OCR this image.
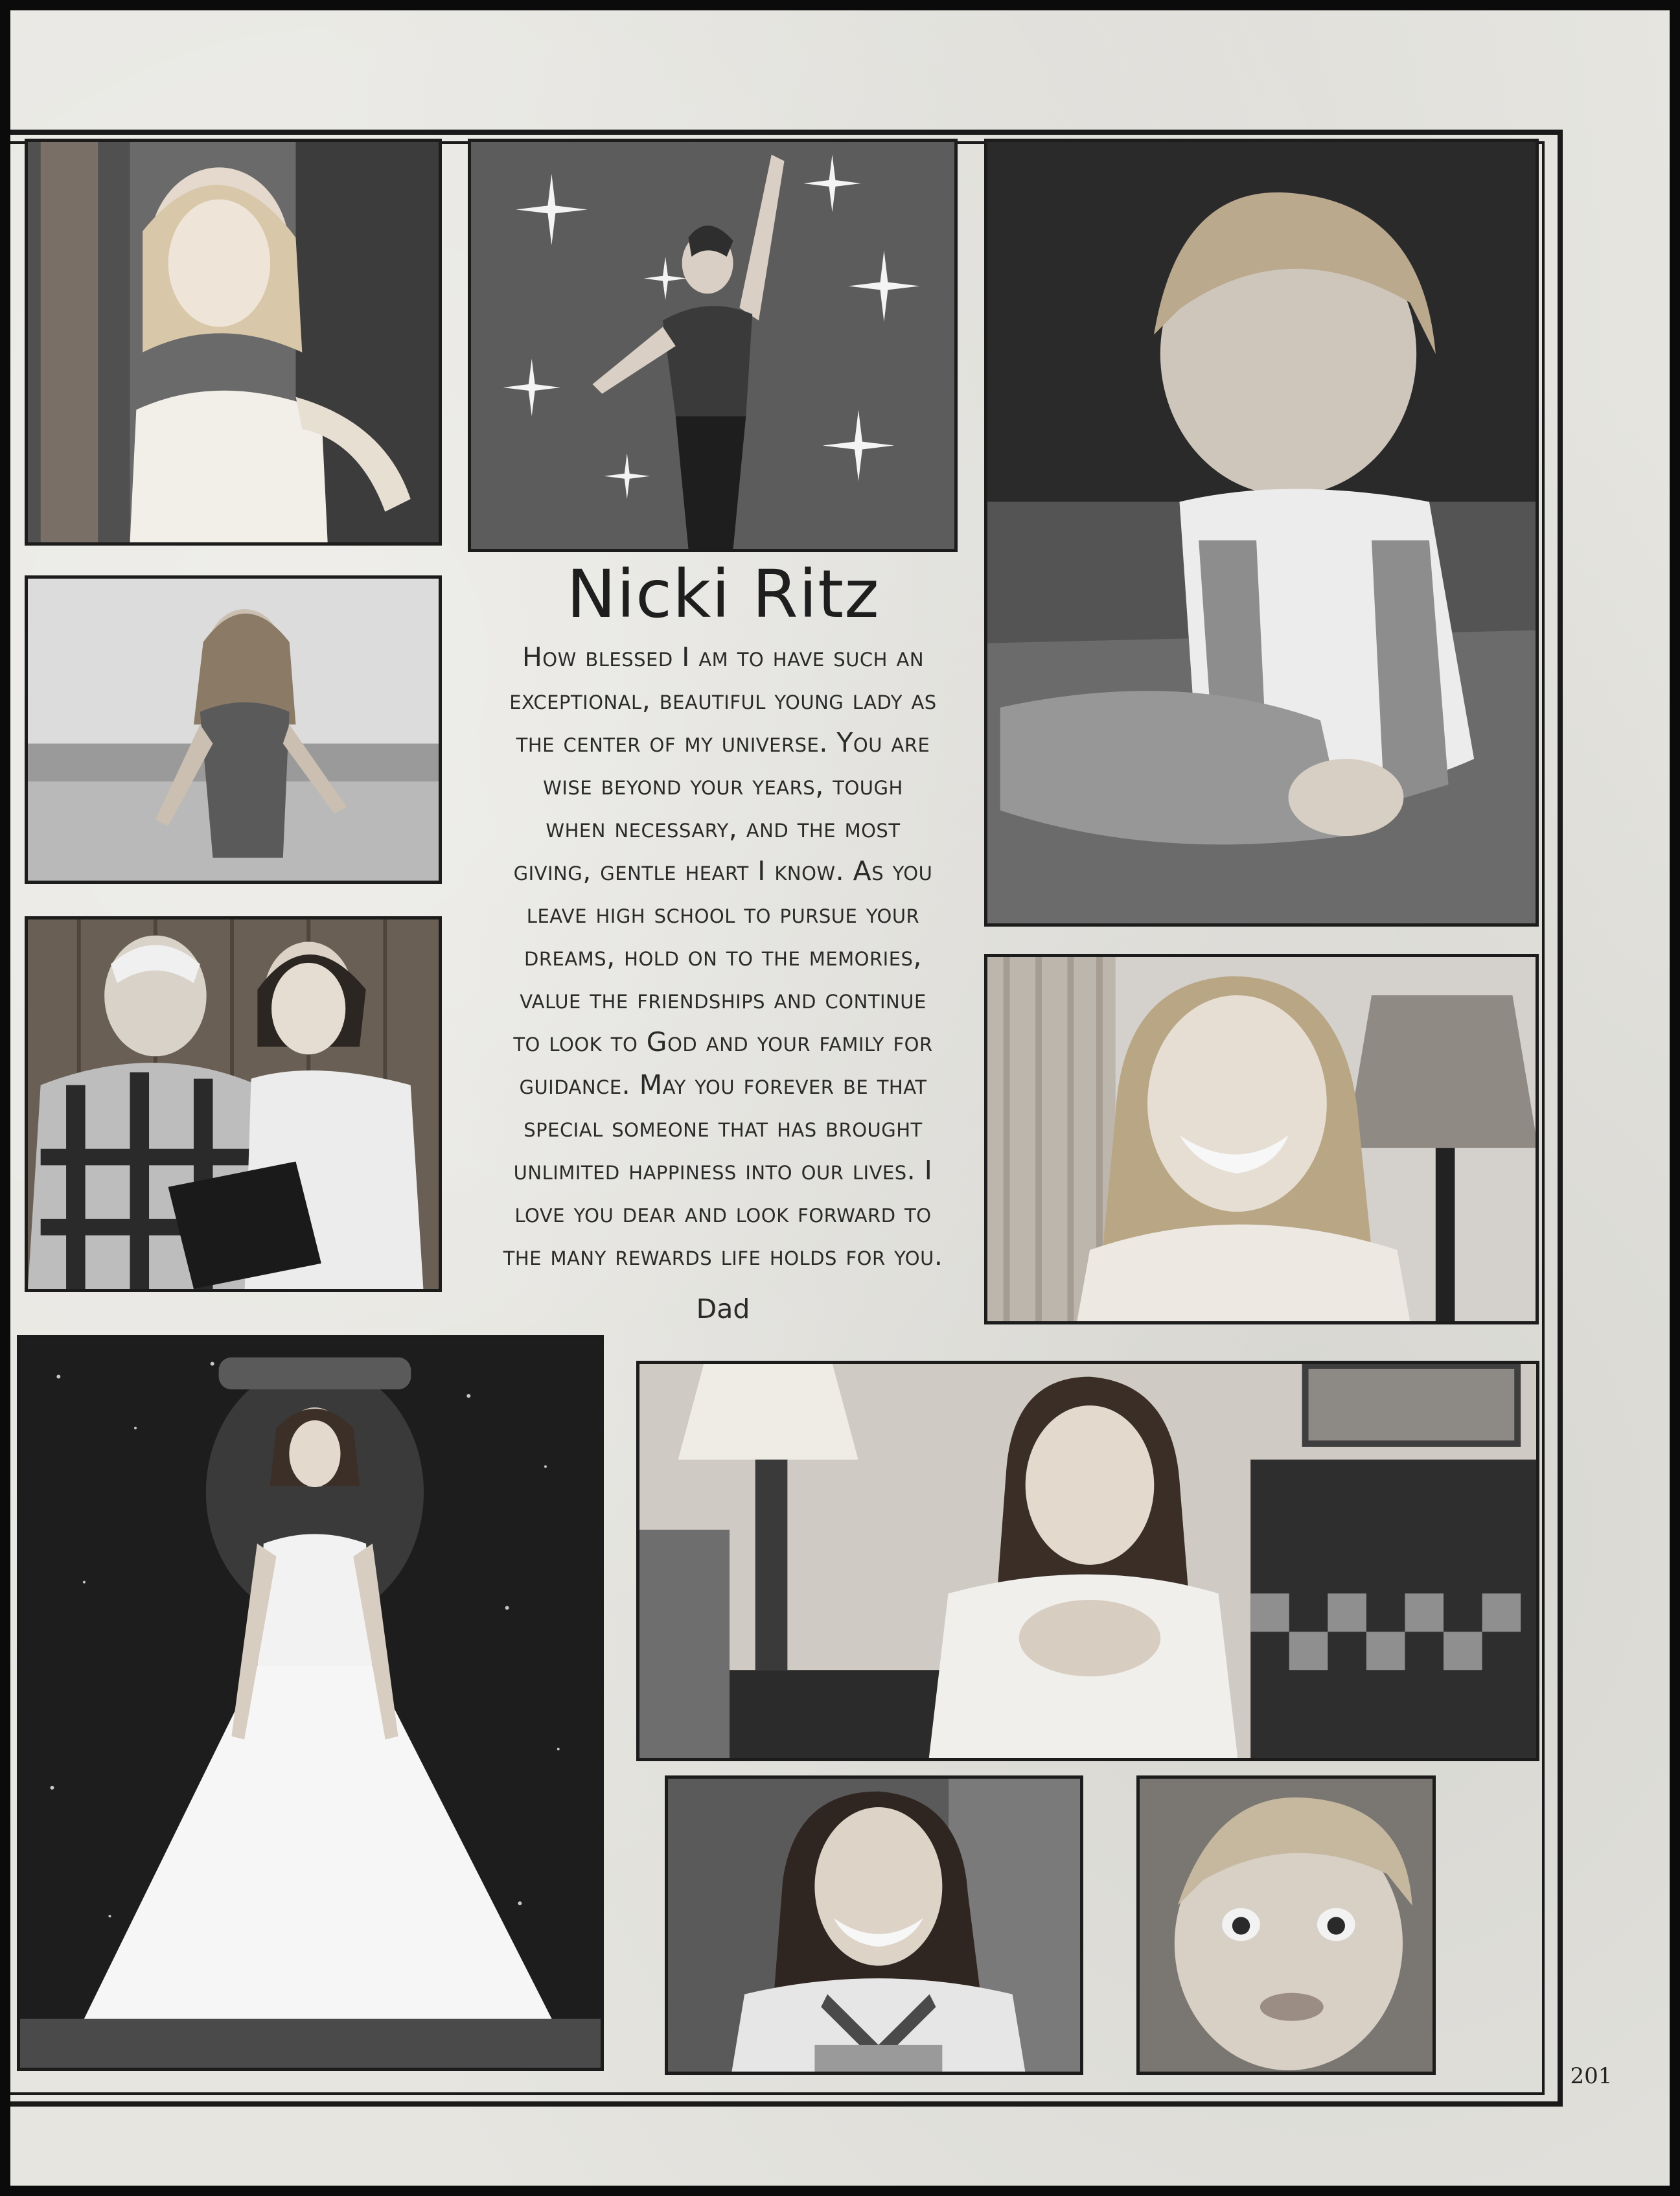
Nicki Ritz
How blessed I am to have such an
exceptional, beautiful young lady as
the center of my universe. You are
wise beyond your years, tough
when necessary, and the most
giving, gentle heart I know. As you
leave high school to pursue your
dreams, hold on to the memories,
value the friendships and continue
to look to God and your family for
guidance. May you forever be that
special someone that has brought
unlimited happiness into our lives. I
love you dear and look forward to
the many rewards life holds for you.
Dad
201
